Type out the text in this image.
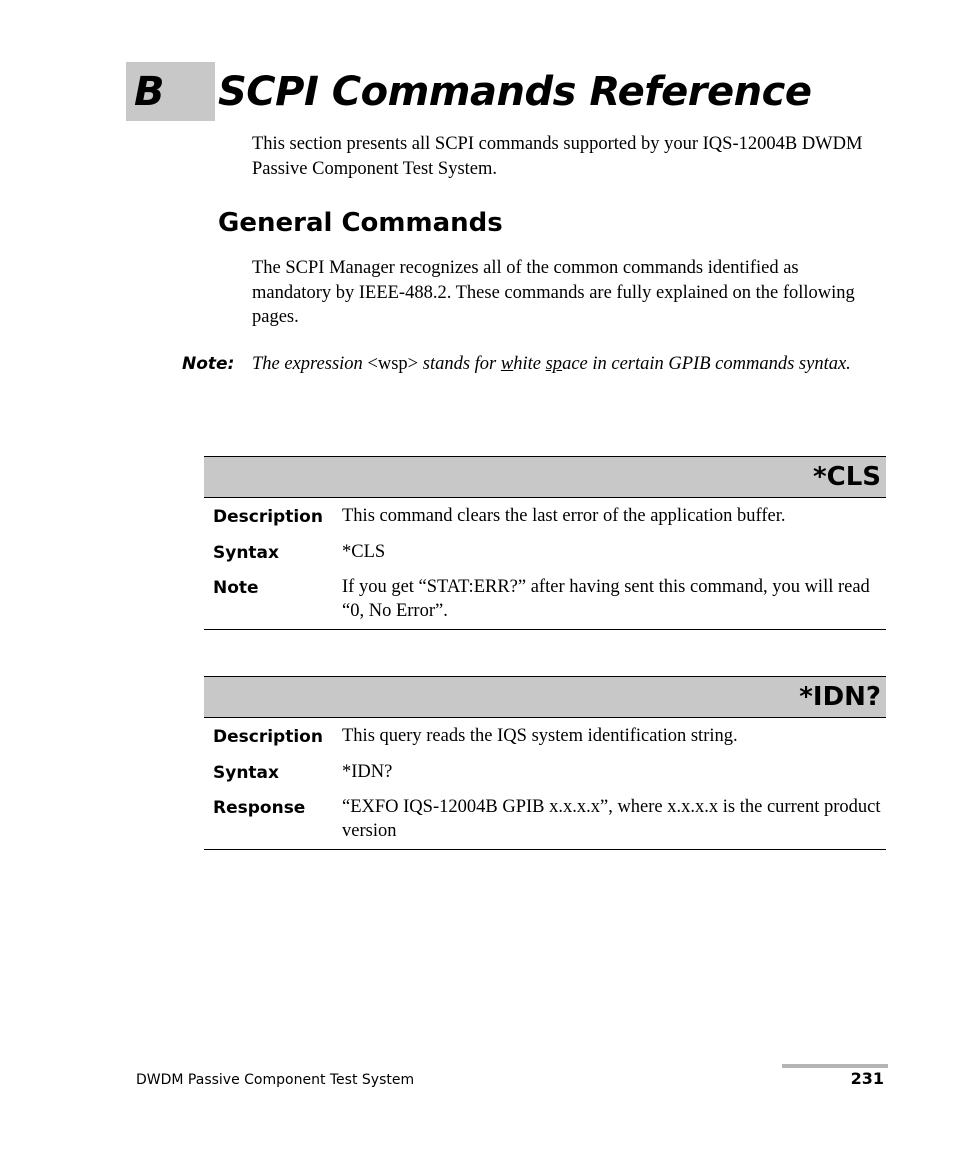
B SCPI Commands Reference

This section presents all SCPI commands supported by your IQS-12004B DWDM Passive Component Test System.

General Commands

The SCPI Manager recognizes all of the common commands identified as mandatory by IEEE-488.2. These commands are fully explained on the following pages.

Note: The expression <wsp> stands for white space in certain GPIB commands syntax.

*CLS
Description This command clears the last error of the application buffer.
Syntax	*CLS
Note	If you get “STAT:ERR?” after having sent this command, you will read “0, No Error”.
*IDN?
Description This query reads the IQS system identification string.
Syntax	*IDN?
Response “EXFO IQS-12004B GPIB x.x.x.x”, where x.x.x.x is the current product version
DWDM Passive Component Test System	231
